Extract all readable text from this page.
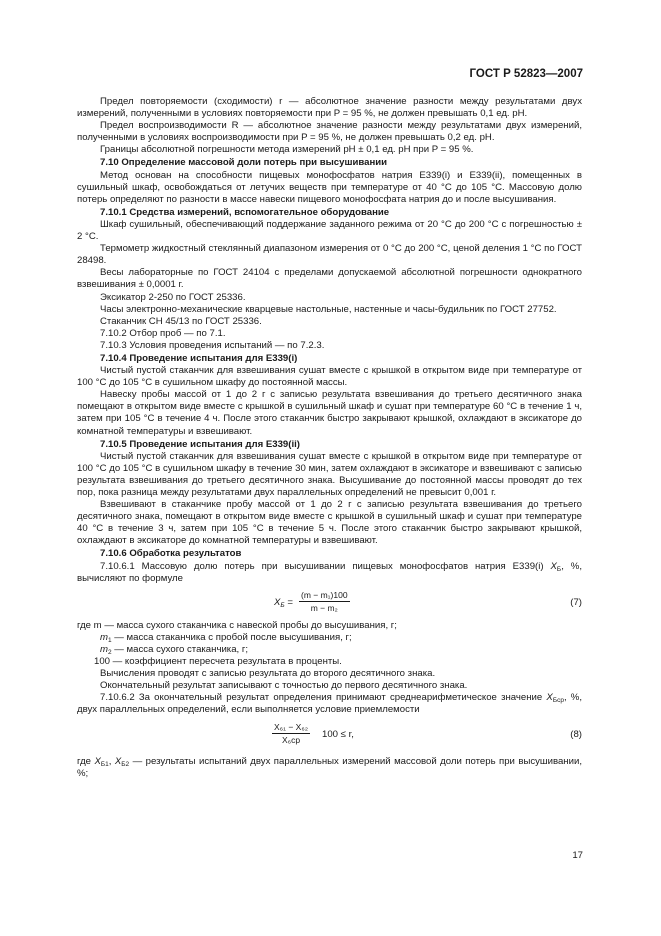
ГОСТ Р 52823—2007

Предел повторяемости (сходимости) r — абсолютное значение разности между результатами двух измерений, полученными в условиях повторяемости при P = 95 %, не должен превышать 0,1 ед. рН.

Предел воспроизводимости R — абсолютное значение разности между результатами двух измерений, полученными в условиях воспроизводимости при P = 95 %, не должен превышать 0,2 ед. рН.

Границы абсолютной погрешности метода измерений рН ± 0,1 ед. рН при P = 95 %.

7.10 Определение массовой доли потерь при высушивании

Метод основан на способности пищевых монофосфатов натрия Е339(i) и Е339(ii), помещенных в сушильный шкаф, освобождаться от летучих веществ при температуре от 40 °С до 105 °С. Массовую долю потерь определяют по разности в массе навески пищевого монофосфата натрия до и после высушивания.

7.10.1 Средства измерений, вспомогательное оборудование

Шкаф сушильный, обеспечивающий поддержание заданного режима от 20 °С до 200 °С с погрешностью ± 2 °С.

Термометр жидкостный стеклянный диапазоном измерения от 0 °С до 200 °С, ценой деления 1 °С по ГОСТ 28498.

Весы лабораторные по ГОСТ 24104 с пределами допускаемой абсолютной погрешности однократного взвешивания ± 0,0001 г.

Эксикатор 2-250 по ГОСТ 25336.

Часы электронно-механические кварцевые настольные, настенные и часы-будильник по ГОСТ 27752.

Стаканчик СН 45/13 по ГОСТ 25336.

7.10.2 Отбор проб — по 7.1.

7.10.3 Условия проведения испытаний — по 7.2.3.

7.10.4 Проведение испытания для Е339(i)

Чистый пустой стаканчик для взвешивания сушат вместе с крышкой в открытом виде при температуре от 100 °С до 105 °С в сушильном шкафу до постоянной массы.

Навеску пробы массой от 1 до 2 г с записью результата взвешивания до третьего десятичного знака помещают в открытом виде вместе с крышкой в сушильный шкаф и сушат при температуре 60 °С в течение 1 ч, затем при 105 °С в течение 4 ч. После этого стаканчик быстро закрывают крышкой, охлаждают в эксикаторе до комнатной температуры и взвешивают.

7.10.5 Проведение испытания для Е339(ii)

Чистый пустой стаканчик для взвешивания сушат вместе с крышкой в открытом виде при температуре от 100 °С до 105 °С в сушильном шкафу в течение 30 мин, затем охлаждают в эксикаторе и взвешивают с записью результата взвешивания до третьего десятичного знака. Высушивание до постоянной массы проводят до тех пор, пока разница между результатами двух параллельных определений не превысит 0,001 г.

Взвешивают в стаканчике пробу массой от 1 до 2 г с записью результата взвешивания до третьего десятичного знака, помещают в открытом виде вместе с крышкой в сушильный шкаф и сушат при температуре 40 °С в течение 3 ч, затем при 105 °С в течение 5 ч. После этого стаканчик быстро закрывают крышкой, охлаждают в эксикаторе до комнатной температуры и взвешивают.

7.10.6 Обработка результатов

7.10.6.1 Массовую долю потерь при высушивании пищевых монофосфатов натрия Е339(i) $X_Б$, %, вычисляют по формуле

$X_Б = \frac{\text{(m − m₁)100}}{\text{m − m₂}}$	(7)

где m — масса сухого стаканчика с навеской пробы до высушивания, г;

$m_1$ — масса стаканчика с пробой после высушивания, г;

$m_2$ — масса сухого стаканчика, г;

100 — коэффициент пересчета результата в проценты.

Вычисления проводят с записью результата до второго десятичного знака.

Окончательный результат записывают с точностью до первого десятичного знака.

7.10.6.2 За окончательный результат определения принимают среднеарифметическое значение $X_{Бср}$, %, двух параллельных определений, если выполняется условие приемлемости

$\frac{\text{X₆₁ − X₆₂}}{\text{X₆cp}} 100 \le r$,	(8)

где $X_{Б1}$, $X_{Б2}$ — результаты испытаний двух параллельных измерений массовой доли потерь при высушивании, %;

17
